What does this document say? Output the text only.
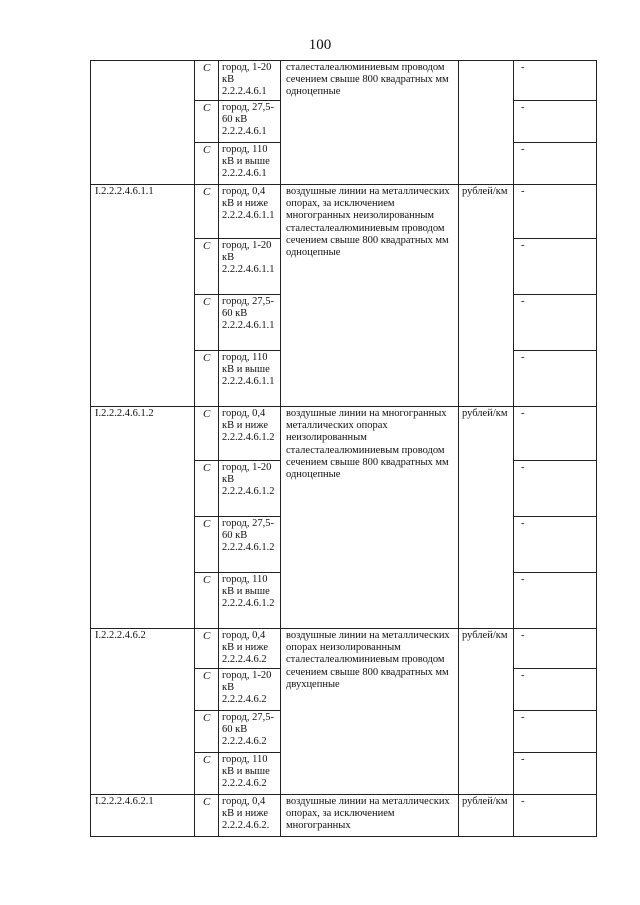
100
	С	город, 1-20 кВ 2.2.2.4.6.1	сталесталеалюминиевым проводом сечением свыше 800 квадратных мм одноцепные		-
	С	город, 27,5-60 кВ 2.2.2.4.6.1			-
	С	город, 110 кВ и выше 2.2.2.4.6.1			-
I.2.2.2.4.6.1.1	С	город, 0,4 кВ и ниже 2.2.2.4.6.1.1	воздушные линии на металлических опорах, за исключением многогранных неизолированным сталесталеалюминиевым проводом сечением свыше 800 квадратных мм одноцепные	рублей/км	-
	С	город, 1-20 кВ 2.2.2.4.6.1.1			-
	С	город, 27,5-60 кВ 2.2.2.4.6.1.1			-
	С	город, 110 кВ и выше 2.2.2.4.6.1.1			-
I.2.2.2.4.6.1.2	С	город, 0,4 кВ и ниже 2.2.2.4.6.1.2	воздушные линии на многогранных металлических опорах неизолированным сталесталеалюминиевым проводом сечением свыше 800 квадратных мм одноцепные	рублей/км	-
	С	город, 1-20 кВ 2.2.2.4.6.1.2			-
	С	город, 27,5-60 кВ 2.2.2.4.6.1.2			-
	С	город, 110 кВ и выше 2.2.2.4.6.1.2			-
I.2.2.2.4.6.2	С	город, 0,4 кВ и ниже 2.2.2.4.6.2	воздушные линии на металлических опорах неизолированным сталесталеалюминиевым проводом сечением свыше 800 квадратных мм двухцепные	рублей/км	-
	С	город, 1-20 кВ 2.2.2.4.6.2			-
	С	город, 27,5-60 кВ 2.2.2.4.6.2			-
	С	город, 110 кВ и выше 2.2.2.4.6.2			-
I.2.2.2.4.6.2.1	С	город, 0,4 кВ и ниже 2.2.2.4.6.2.	воздушные линии на металлических опорах, за исключением многогранных	рублей/км	-
